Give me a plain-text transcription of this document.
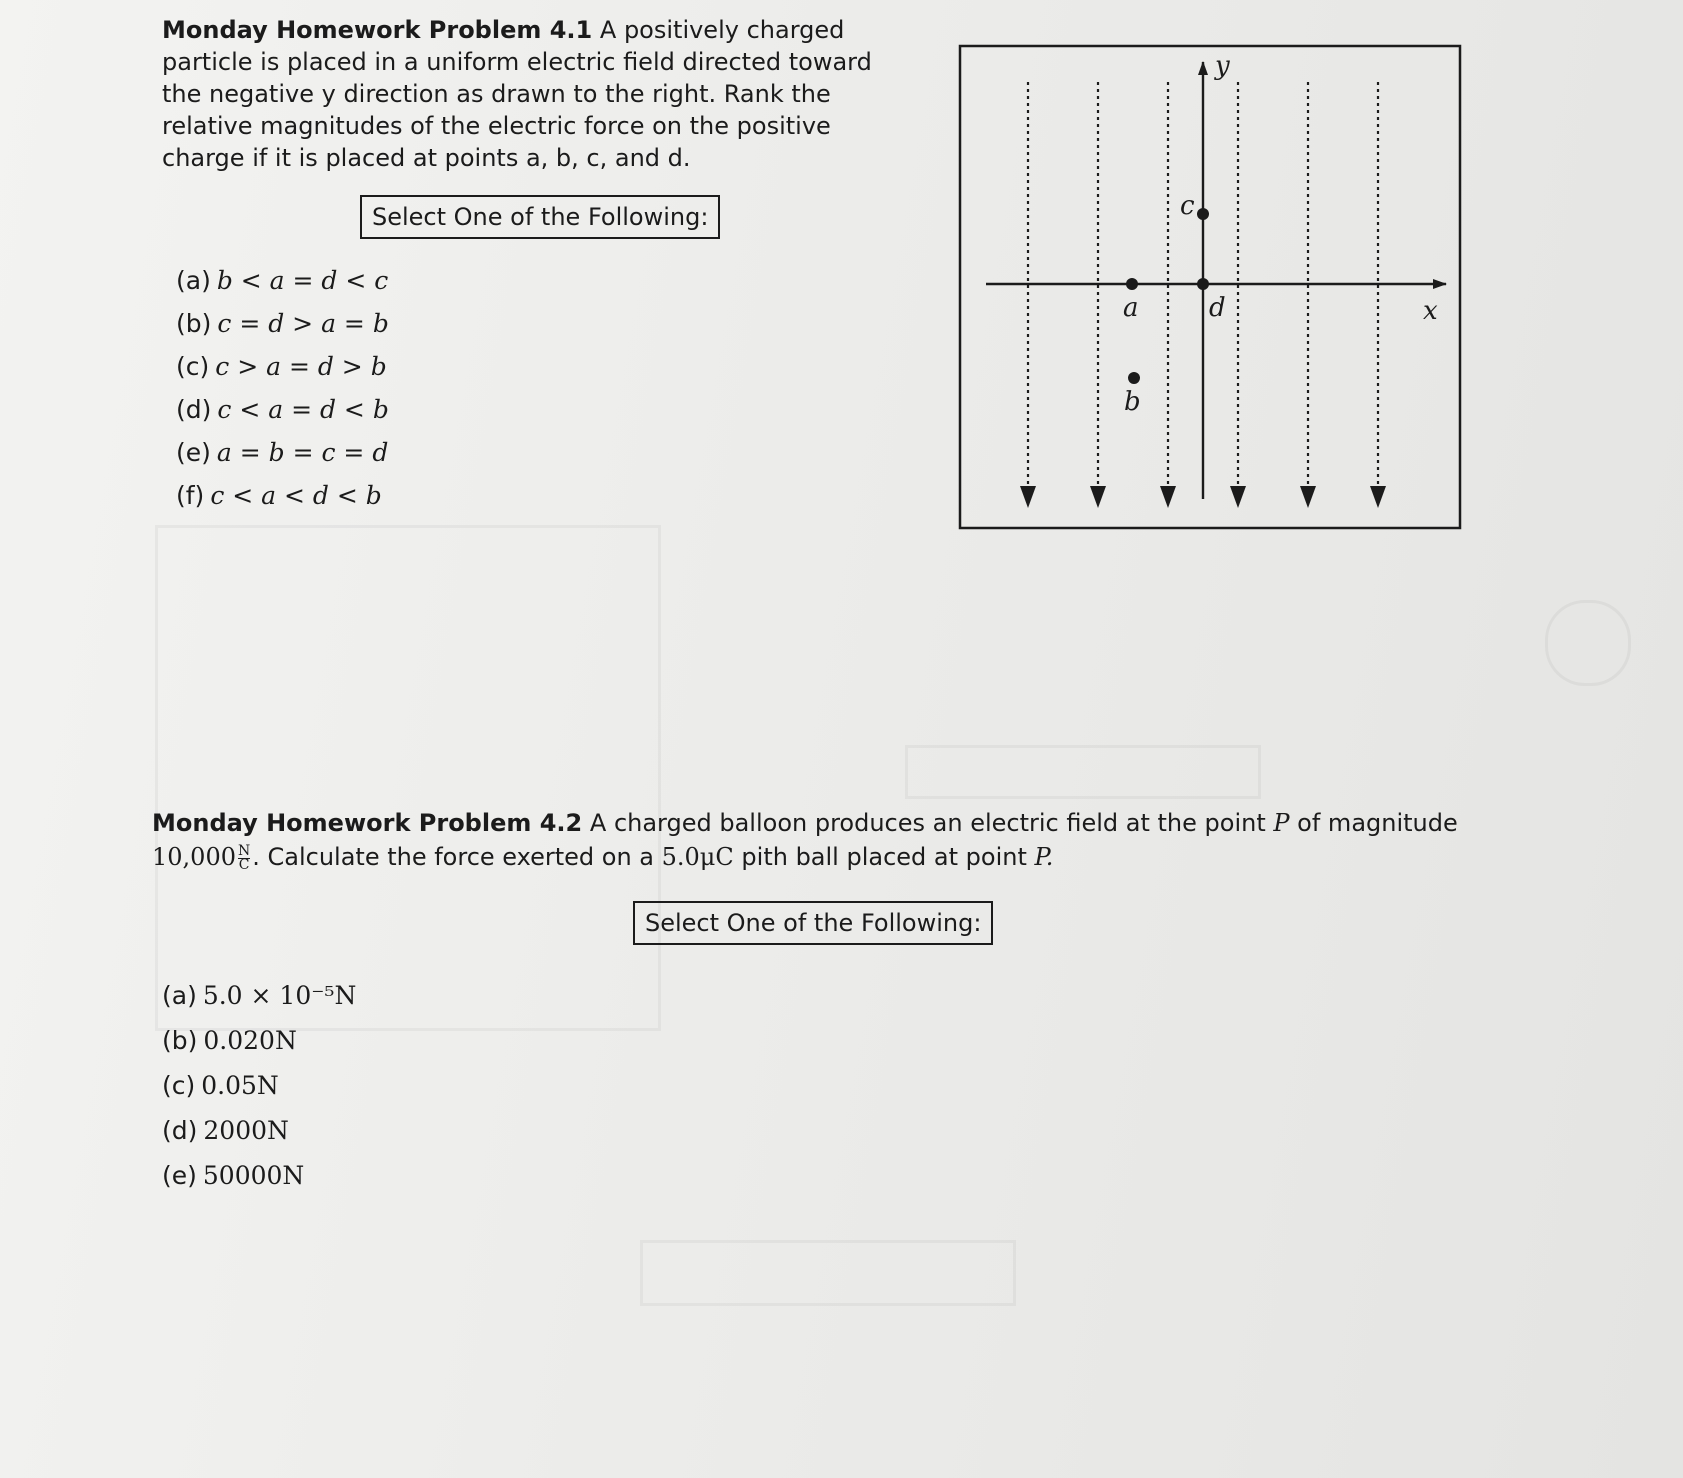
Monday Homework Problem 4.1 A positively charged particle is placed in a uniform electric field directed toward the negative y direction as drawn to the right. Rank the relative magnitudes of the electric force on the positive charge if it is placed at points a, b, c, and d.
Select One of the Following:
(a) b < a = d < c
(b) c = d > a = b
(c) c > a = d > b
(d) c < a = d < b
(e) a = b = c = d
(f) c < a < d < b
y
x
a
b
c
d
Monday Homework Problem 4.2 A charged balloon produces an electric field at the point P of magnitude $10,000 \frac{N}{C}$ . Calculate the force exerted on a 5.0μC pith ball placed at point P.
Select One of the Following:
(a) 5.0 × 10⁻⁵N
(b) 0.020N
(c) 0.05N
(d) 2000N
(e) 50000N
